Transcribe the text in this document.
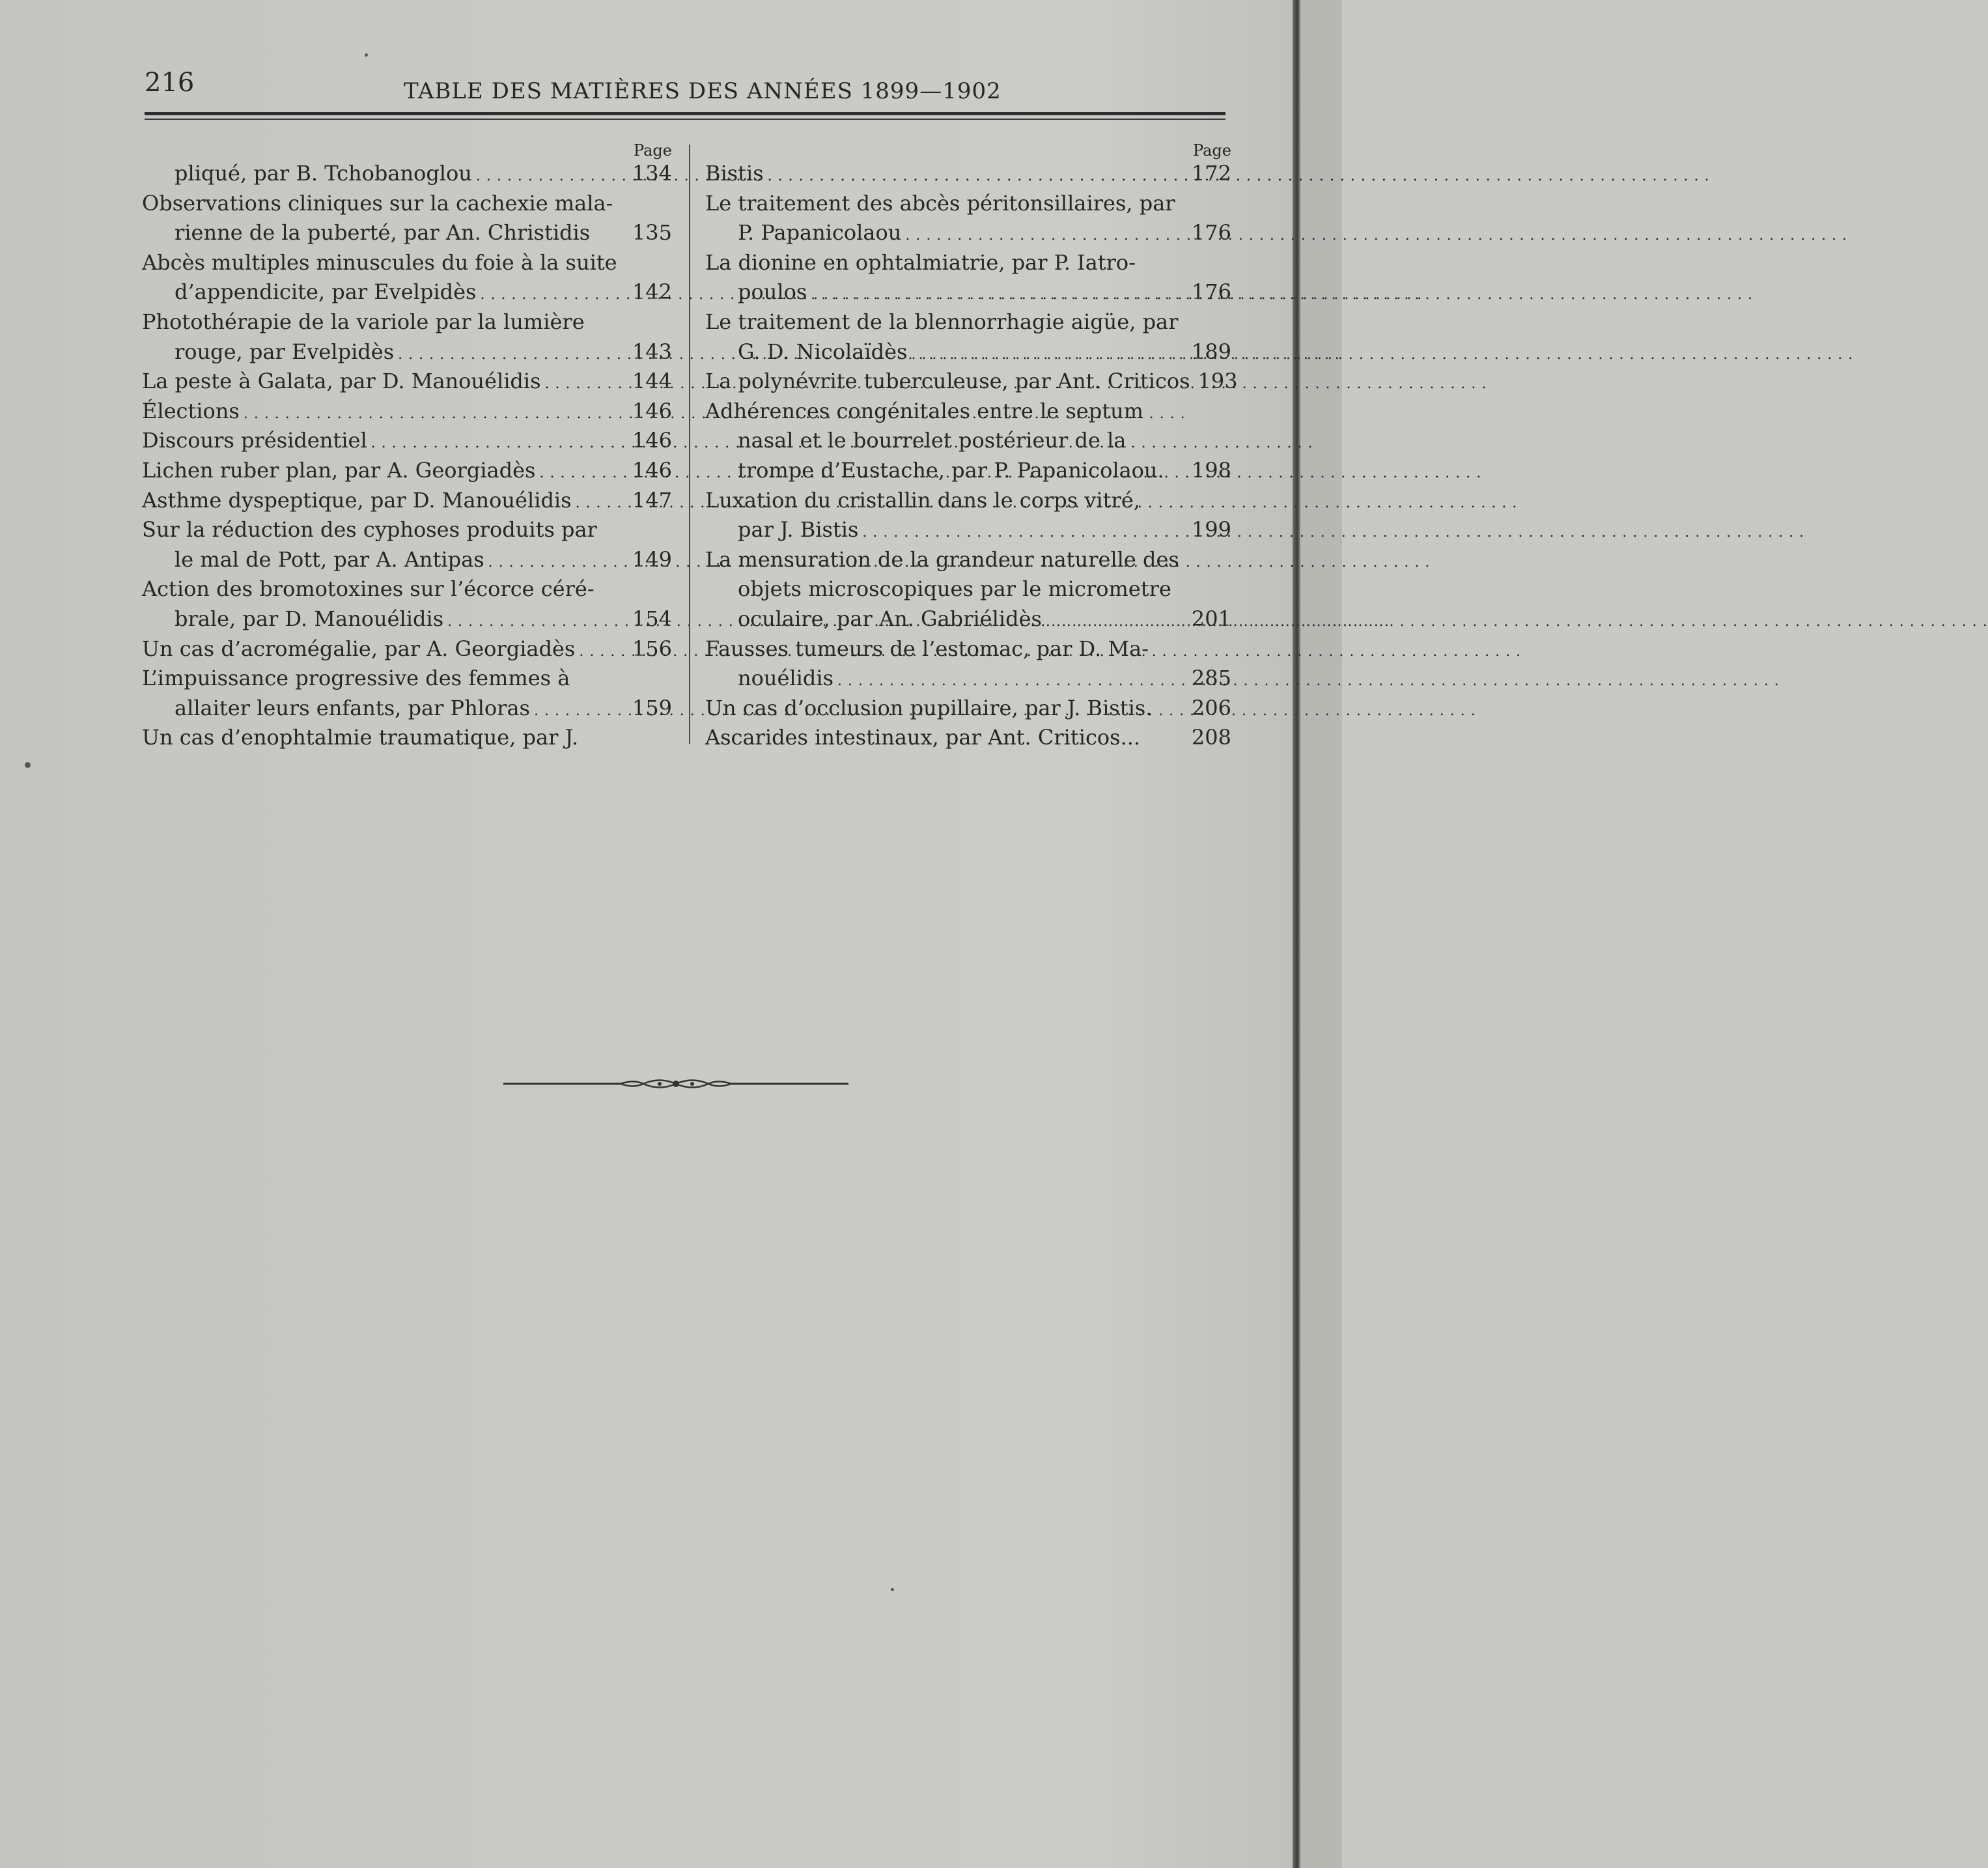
216	TABLE DES MATIÈRES DES ANNÉES 1899—1902
Page
pliqué, par B. Tchobanoglou . . .	134
Observations cliniques sur la cachexie mala-
rienne de la puberté, par An. Christidis 135
Abcès multiples minuscules du foie à la suite
d’appendicite, par Evelpidès . . .	142
Photothérapie de la variole par la lumière
rouge, par Evelpidès . . .	143
La peste à Galata, par D. Manouélidis . . .	144
Élections . . .	146
Discours présidentiel . . .	146
Lichen ruber plan, par A. Georgiadès . . .	146
Asthme dyspeptique, par D. Manouélidis . . .	147
Sur la réduction des cyphoses produits par
le mal de Pott, par A. Antipas . . .	149
Action des bromotoxines sur l’écorce céré-
brale, par D. Manouélidis . . .	154
Un cas d’acromégalie, par A. Georgiadès . . .	156
L’impuissance progressive des femmes à
allaiter leurs enfants, par Phloras . . .	159
Un cas d’enophtalmie traumatique, par J.
Page
Bistis . . .	172
Le traitement des abcès péritonsillaires, par
P. Papanicolaou . . .	176
La dionine en ophtalmiatrie, par P. Iatro-
poulos . . .	176
Le traitement de la blennorrhagie aigüe, par
G. D. Nicolaïdès . . .	189
La polynévrite tuberculeuse, par Ant. Criticos 193
Adhérences congénitales entre le septum
nasal et le bourrelet postérieur de la
trompe d’Eustache, par P. Papanicolaou. 198
Luxation du cristallin dans le corps vitré,
par J. Bistis . . .	199
La mensuration de la grandeur naturelle des
objets microscopiques par le micrometre
oculaire, par An. Gabriélidès . . .	201
Fausses tumeurs de l’estomac, par D. Ma-
nouélidis . . .	285
Un cas d’occlusion pupillaire, par J. Bistis. 206
Ascarides intestinaux, par Ant. Criticos... 208
